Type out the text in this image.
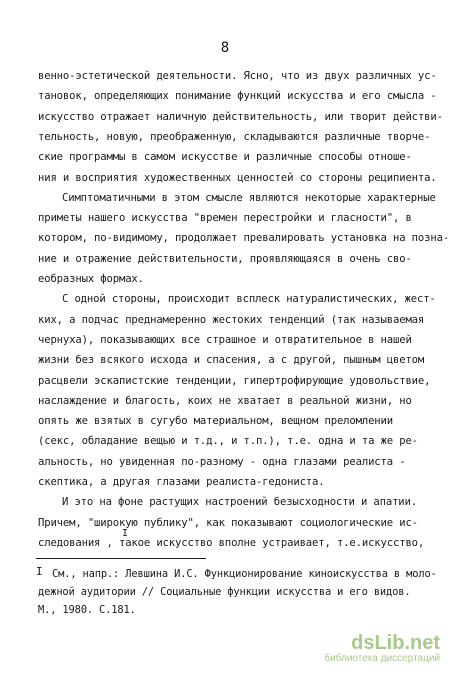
8
венно-эстетической деятельности. Ясно, что из двух различных ус-
тановок, определяющих понимание функций искусства и его смысла -
искусство отражает наличную действительность, или творит действи-
тельность, новую, преображенную, складываются различные творче-
ские программы в самом искусстве и различные способы отноше-
ния и восприятия художественных ценностей со стороны реципиента.
Симптоматичными в этом смысле являются некоторые характерные
приметы нашего искусства "времен перестройки и гласности", в
котором, по-видимому, продолжает превалировать установка на позна-
ние и отражение действительности, проявляющаяся в очень сво-
еобразных формах.
С одной стороны, происходит всплеск натуралистических, жест-
ких, а подчас преднамеренно жестоких тенденций (так называемая
чернуха), показывающих все страшное и отвратительное в нашей
жизни без всякого исхода и спасения, а с другой, пышным цветом
расцвели эскапистские тенденции, гипертрофирующие удовольствие,
наслаждение и благость, коих не хватает в реальной жизни, но
опять же взятых в сугубо материальном, вещном преломлении
(секс, обладание вещью и т.д., и т.п.), т.е. одна и та же ре-
альность, но увиденная по-разному - одна глазами реалиста -
скептика, а другая глазами реалиста-гедониста.
И это на фоне растущих настроений безысходности и апатии.
Причем, "широкую публику", как показывают социологические ис-
следования , такое искусство вполне устраивает, т.е.искусство,
dsLib.net
библиотека диссертаций
I
I
См., напр.: Левшина И.С. Функционирование киноискусства в моло-
дежной аудитории // Социальные функции искусства и его видов.
М., 1980. С.181.
